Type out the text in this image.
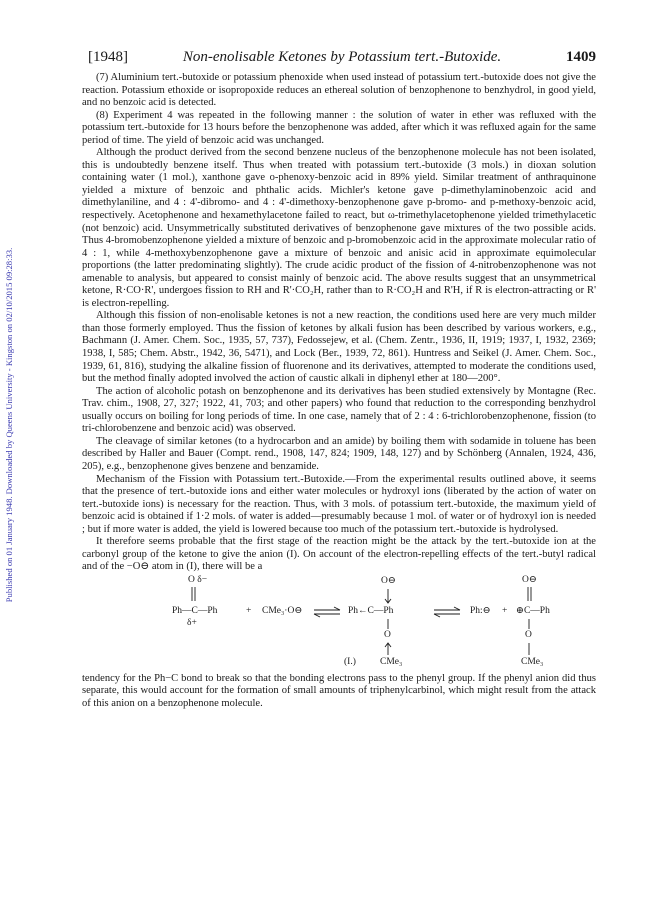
Published on 01 January 1948. Downloaded by Queens University - Kingston on 02/10/2015 09:28:33.
[1948]	Non-enolisable Ketones by Potassium tert.-Butoxide.	1409

(7) Aluminium tert.-butoxide or potassium phenoxide when used instead of potassium tert.-butoxide does not give the reaction. Potassium ethoxide or isopropoxide reduces an ethereal solution of benzophenone to benzhydrol, in good yield, and no benzoic acid is detected.

(8) Experiment 4 was repeated in the following manner : the solution of water in ether was refluxed with the potassium tert.-butoxide for 13 hours before the benzophenone was added, after which it was refluxed again for the same period of time. The yield of benzoic acid was unchanged.

Although the product derived from the second benzene nucleus of the benzophenone molecule has not been isolated, this is undoubtedly benzene itself. Thus when treated with potassium tert.-butoxide (3 mols.) in dioxan solution containing water (1 mol.), xanthone gave o-phenoxy-benzoic acid in 89% yield. Similar treatment of anthraquinone yielded a mixture of benzoic and phthalic acids. Michler's ketone gave p-dimethylaminobenzoic acid and dimethylaniline, and 4 : 4'-dibromo- and 4 : 4'-dimethoxy-benzophenone gave p-bromo- and p-methoxy-benzoic acid, respectively. Acetophenone and hexamethylacetone failed to react, but ω-trimethylacetophenone yielded trimethylacetic (not benzoic) acid. Unsymmetrically substituted derivatives of benzophenone gave mixtures of the two possible acids. Thus 4-bromobenzophenone yielded a mixture of benzoic and p-bromobenzoic acid in the approximate molecular ratio of 4 : 1, while 4-methoxybenzophenone gave a mixture of benzoic and anisic acid in approximate equimolecular proportions (the latter predominating slightly). The crude acidic product of the fission of 4-nitrobenzophenone was not amenable to analysis, but appeared to consist mainly of benzoic acid. The above results suggest that an unsymmetrical ketone, R·CO·R', undergoes fission to RH and R'·CO₂H, rather than to R·CO₂H and R'H, if R is electron-attracting or R' is electron-repelling.

Although this fission of non-enolisable ketones is not a new reaction, the conditions used here are very much milder than those formerly employed. Thus the fission of ketones by alkali fusion has been described by various workers, e.g., Bachmann (J. Amer. Chem. Soc., 1935, 57, 737), Fedossejew, et al. (Chem. Zentr., 1936, II, 1919; 1937, I, 1932, 2369; 1938, I, 585; Chem. Abstr., 1942, 36, 5471), and Lock (Ber., 1939, 72, 861). Huntress and Seikel (J. Amer. Chem. Soc., 1939, 61, 816), studying the alkaline fission of fluorenone and its derivatives, attempted to moderate the conditions used, but the method finally adopted involved the action of caustic alkali in diphenyl ether at 180—200°.

The action of alcoholic potash on benzophenone and its derivatives has been studied extensively by Montagne (Rec. Trav. chim., 1908, 27, 327; 1922, 41, 703; and other papers) who found that reduction to the corresponding benzhydrol usually occurs on boiling for long periods of time. In one case, namely that of 2 : 4 : 6-trichlorobenzophenone, fission (to tri-chlorobenzene and benzoic acid) was observed.

The cleavage of similar ketones (to a hydrocarbon and an amide) by boiling them with sodamide in toluene has been described by Haller and Bauer (Compt. rend., 1908, 147, 824; 1909, 148, 127) and by Schönberg (Annalen, 1924, 436, 205), e.g., benzophenone gives benzene and benzamide.

Mechanism of the Fission with Potassium tert.-Butoxide.—From the experimental results outlined above, it seems that the presence of tert.-butoxide ions and either water molecules or hydroxyl ions (liberated by the action of water on tert.-butoxide ions) is necessary for the reaction. Thus, with 3 mols. of potassium tert.-butoxide, the maximum yield of benzoic acid is obtained if 1·2 mols. of water is added—presumably because 1 mol. of water or of hydroxyl ion is needed ; but if more water is added, the yield is lowered because too much of the potassium tert.-butoxide is hydrolysed.

It therefore seems probable that the first stage of the reaction might be the attack by the tert.-butoxide ion at the carbonyl group of the ketone to give the anion (I). On account of the electron-repelling effects of the tert.-butyl radical and of the −O⊖ atom in (I), there will be a

O δ−
Ph—C—Ph
δ+
+ CMe₃·O⊖
O⊖
Ph←C—Ph
O
CMe₃
(I.)
Ph:⊖ +
O⊖
⊕C—Ph
O
CMe₃

tendency for the Ph−C bond to break so that the bonding electrons pass to the phenyl group. If the phenyl anion did thus separate, this would account for the formation of small amounts of triphenylcarbinol, which might result from the attack of this anion on a benzophenone molecule.
